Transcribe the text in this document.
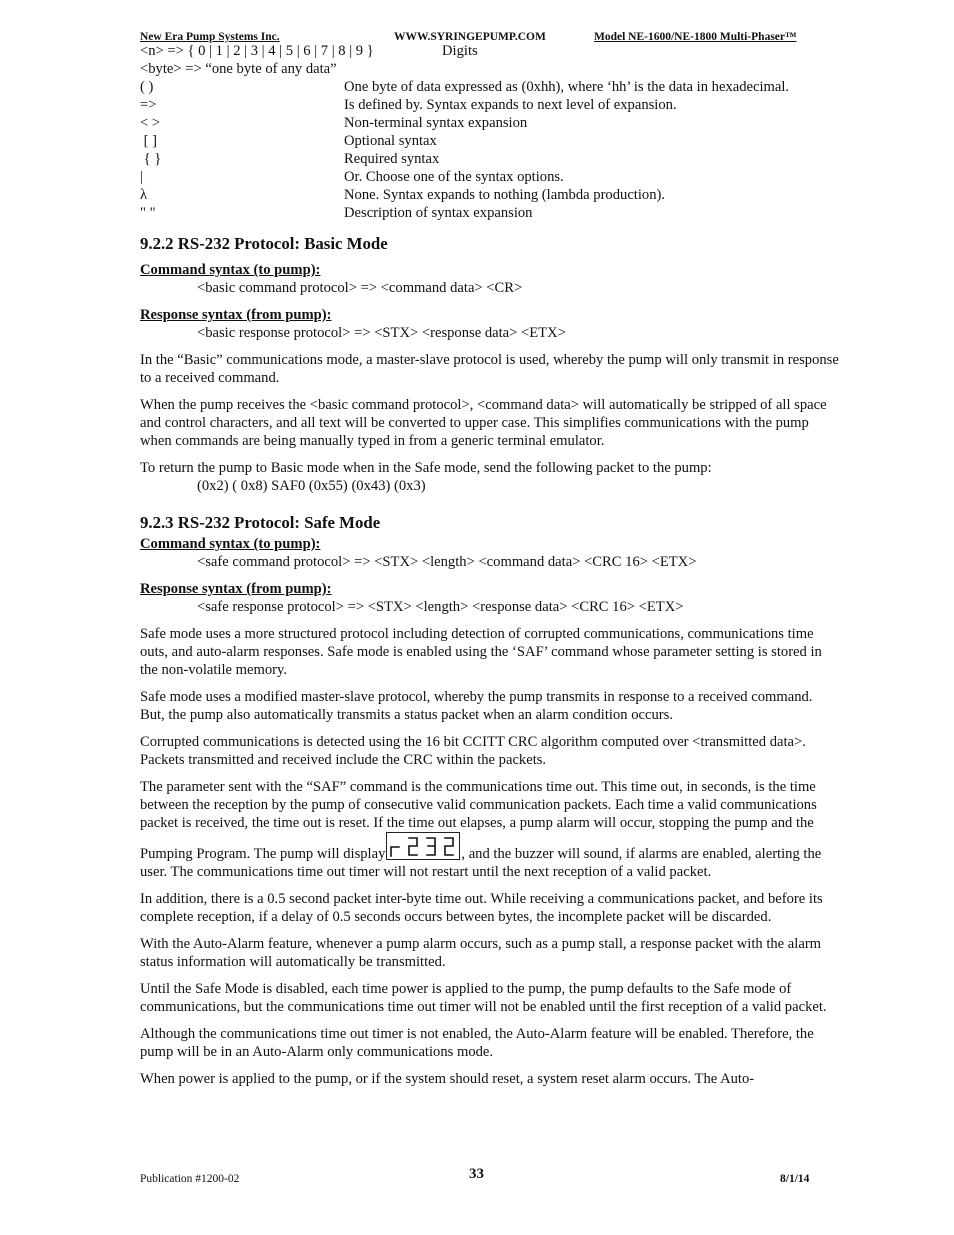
New Era Pump Systems Inc.	WWW.SYRINGEPUMP.COM	Model NE-1600/NE-1800 Multi-Phaser™
<n> => { 0 | 1 | 2 | 3 | 4 | 5 | 6 | 7 | 8 | 9 }	Digits
<byte> => “one byte of any data”
( )	One byte of data expressed as (0xhh), where ‘hh’ is the data in hexadecimal.
=>	Is defined by. Syntax expands to next level of expansion.
< >	Non-terminal syntax expansion
[ ]	Optional syntax
{ }	Required syntax
|	Or. Choose one of the syntax options.
λ	None. Syntax expands to nothing (lambda production).
" "	Description of syntax expansion
9.2.2 RS-232 Protocol: Basic Mode
Command syntax (to pump):
<basic command protocol> => <command data> <CR>
Response syntax (from pump):
<basic response protocol> => <STX> <response data> <ETX>

In the “Basic” communications mode, a master-slave protocol is used, whereby the pump will only transmit in response to a received command.

When the pump receives the <basic command protocol>, <command data> will automatically be stripped of all space and control characters, and all text will be converted to upper case. This simplifies communications with the pump when commands are being manually typed in from a generic terminal emulator.

To return the pump to Basic mode when in the Safe mode, send the following packet to the pump:
(0x2) ( 0x8) SAF0 (0x55) (0x43) (0x3)
9.2.3 RS-232 Protocol: Safe Mode
Command syntax (to pump):
<safe command protocol> => <STX> <length> <command data> <CRC 16> <ETX>
Response syntax (from pump):
<safe response protocol> => <STX> <length> <response data> <CRC 16> <ETX>

Safe mode uses a more structured protocol including detection of corrupted communications, communications time outs, and auto-alarm responses. Safe mode is enabled using the ‘SAF’ command whose parameter setting is stored in the non-volatile memory.

Safe mode uses a modified master-slave protocol, whereby the pump transmits in response to a received command. But, the pump also automatically transmits a status packet when an alarm condition occurs.

Corrupted communications is detected using the 16 bit CCITT CRC algorithm computed over <transmitted data>. Packets transmitted and received include the CRC within the packets.

The parameter sent with the “SAF” command is the communications time out. This time out, in seconds, is the time between the reception by the pump of consecutive valid communication packets. Each time a valid communications packet is received, the time out is reset. If the time out elapses, a pump alarm will occur, stopping the pump and the Pumping Program. The pump will display	, and the buzzer will sound, if alarms are enabled, alerting the user. The communications time out timer will not restart until the next reception of a valid packet.

In addition, there is a 0.5 second packet inter-byte time out. While receiving a communications packet, and before its complete reception, if a delay of 0.5 seconds occurs between bytes, the incomplete packet will be discarded.

With the Auto-Alarm feature, whenever a pump alarm occurs, such as a pump stall, a response packet with the alarm status information will automatically be transmitted.

Until the Safe Mode is disabled, each time power is applied to the pump, the pump defaults to the Safe mode of communications, but the communications time out timer will not be enabled until the first reception of a valid packet.

Although the communications time out timer is not enabled, the Auto-Alarm feature will be enabled. Therefore, the pump will be in an Auto-Alarm only communications mode.

When power is applied to the pump, or if the system should reset, a system reset alarm occurs. The Auto-

Publication #1200-02	33	8/1/14
